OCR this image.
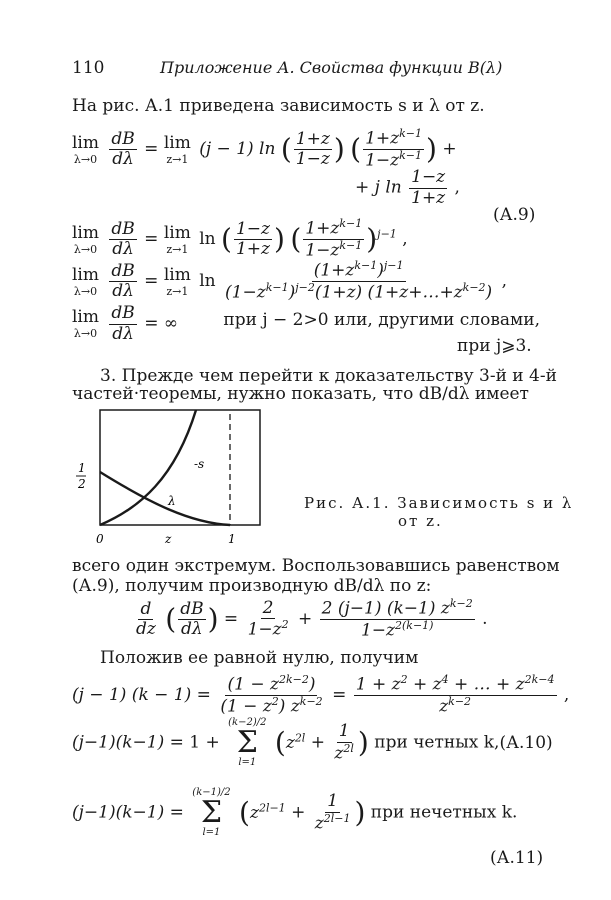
110	Приложение А. Свойства функции B(λ)
На рис. А.1 приведена зависимость s и λ от z.
lim
λ→0
$\frac{dB}{d\lambda} = \lim$
z→1 (j − 1) ln ( $\frac{1+z}{1-z}$ ) ( $\frac{1+z^{k-1}}{1-z^{k-1}}$ ) +
+ j $\ln \frac{1-z}{1+z}$ ,
(А.9)
lim
λ→0
$\frac{dB}{d\lambda} = \lim$
z→1 ln ( $\frac{1-z}{1+z}$ ) ( $\frac{1+z^{k-1}}{1-z^{k-1}} )^{j-1}$ ,
lim
λ→0
$\frac{dB}{d\lambda} = \lim$
z→1 $\ln \frac{(1+z^{k-1})^{j-1}}{(1-z^{k-1})^{j-2}(1+z) (1+z+\dots+z^{k-2})}$ ,
lim
λ→0
$\frac{dB}{d\lambda}$ = ∞	при j − 2>0 или, другими словами,
при j⩾3.
3. Прежде чем перейти к доказательству 3-й и 4-й
частей·теоремы, нужно показать, что dB/dλ имеет
-s
λ
1
2
0	z	1
Рис. А.1. Зависимость s и λ
от z.
всего один экстремум. Воспользовавшись равенством
(А.9), получим производную dB/dλ по z:
$\frac{d}{dz}$ ( $\frac{dB}{d\lambda}$ ) = $\frac{2}{1-z^2} + \frac{2 (j-1) (k-1) z^{k-2}}{1-z^{2(k-1)}}$ .
Положив ее равной нулю, получим
(j − 1) $(k - 1) = \frac{(1 - z^{2k-2})}{(1 - z^2) z^{k-2}} = \frac{1 + z^2 + z^4 + \dots + z^{2k-4}}{z^{k-2}}$ ,
(j−1)(k−1) = 1 +
(k−2)/2
Σ
l=1
($z^{2l} + \frac{1}{z^{2l}}$ ) при четных k, (А.10)
(j−1)(k−1) =
(k−1)/2
Σ
l=1
($z^{2l-1} + \frac{1}{z^{2l-1}}$ ) при нечетных k.
(А.11)
